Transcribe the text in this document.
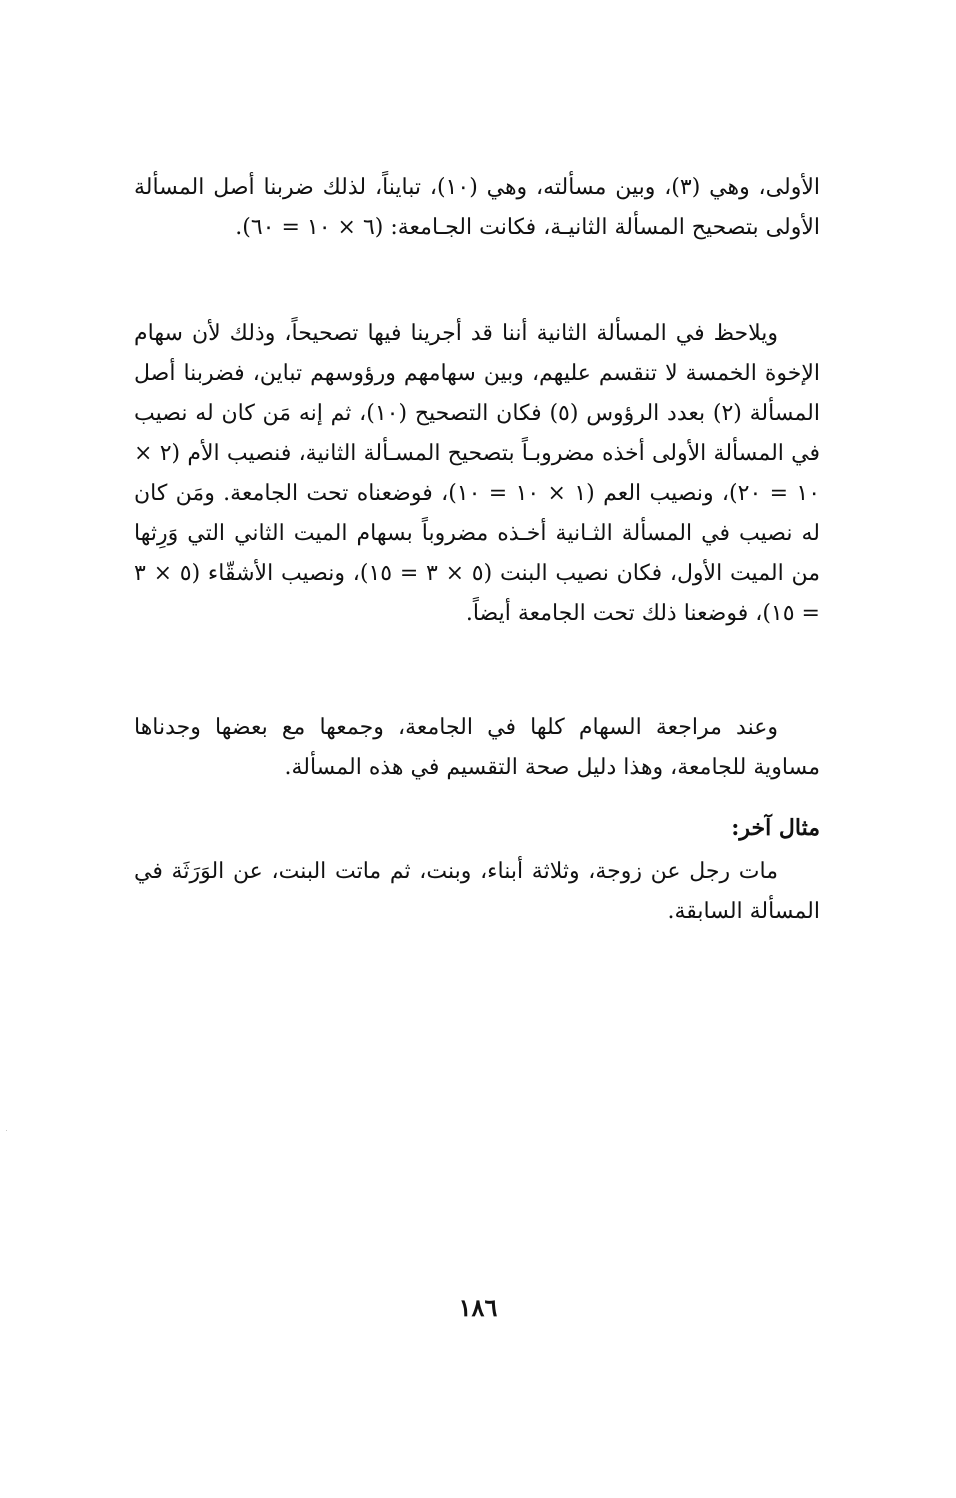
الأولى، وهي (٣)، وبين مسألته، وهي (١٠)، تبايناً، لذلك ضربنا أصل المسألة الأولى بتصحيح المسألة الثانيـة، فكانت الجـامعة: (٦ × ١٠ = ٦٠).
ويلاحظ في المسألة الثانية أننا قد أجرينا فيها تصحيحاً، وذلك لأن سهام الإخوة الخمسة لا تنقسم عليهم، وبين سهامهم ورؤوسهم تباين، فضربنا أصل المسألة (٢) بعدد الرؤوس (٥) فكان التصحيح (١٠)، ثم إنه مَن كان له نصيب في المسألة الأولى أخذه مضروبـاً بتصحيح المسـألة الثانية، فنصيب الأم (٢ × ١٠ = ٢٠)، ونصيب العم (١ × ١٠ = ١٠)، فوضعناه تحت الجامعة. ومَن كان له نصيب في المسألة الثـانية أخـذه مضروباً بسهام الميت الثاني التي وَرِثها من الميت الأول، فكان نصيب البنت (٥ × ٣ = ١٥)، ونصيب الأشقّاء (٥ × ٣ = ١٥)، فوضعنا ذلك تحت الجامعة أيضاً.
وعند مراجعة السهام كلها في الجامعة، وجمعها مع بعضها وجدناها مساوية للجامعة، وهذا دليل صحة التقسيم في هذه المسألة.
مثال آخر:
مات رجل عن زوجة، وثلاثة أبناء، وبنت، ثم ماتت البنت، عن الوَرَثَة في المسألة السابقة.
١٨٦
